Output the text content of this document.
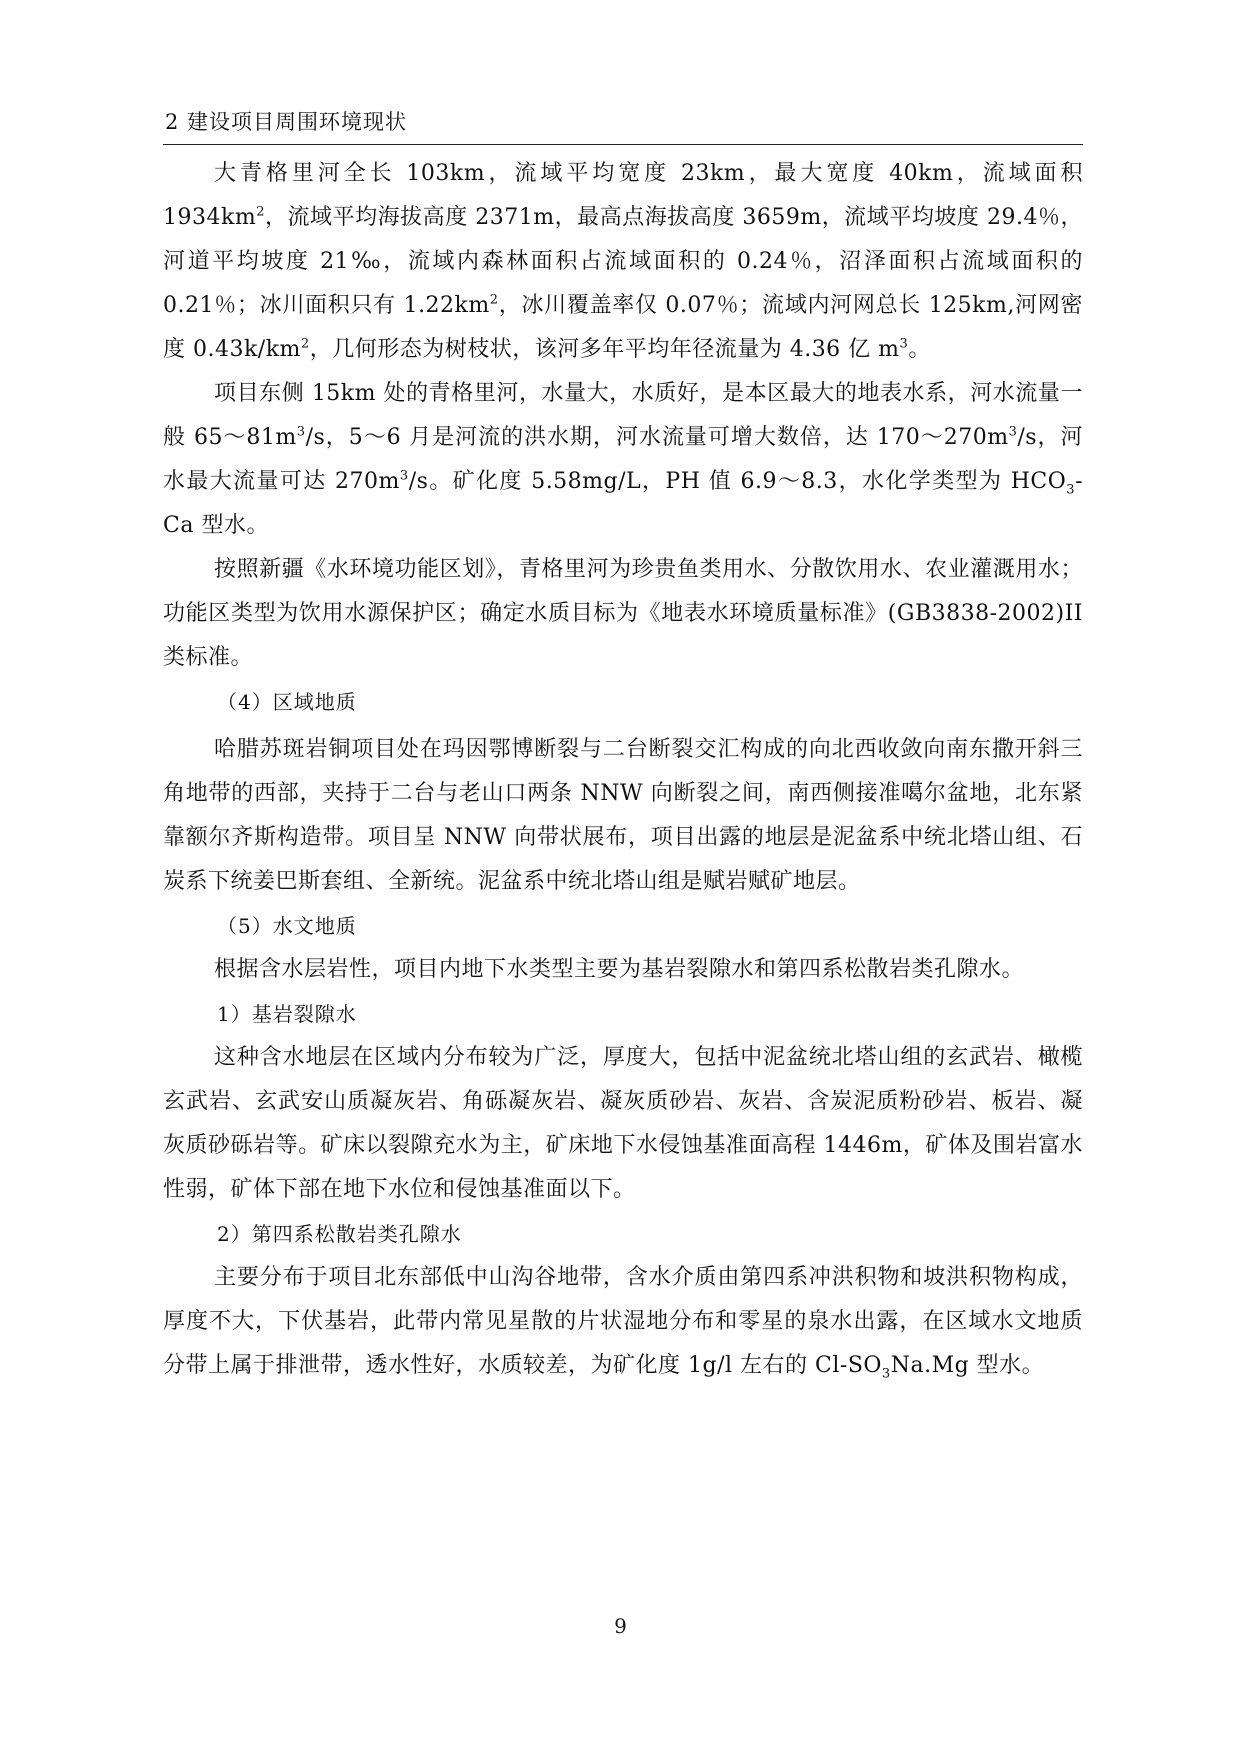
2 建设项目周围环境现状

大青格里河全长 103km，流域平均宽度 23km，最大宽度 40km，流域面积 $1934km^2$，流域平均海拔高度 2371m，最高点海拔高度 3659m，流域平均坡度 29.4％，河道平均坡度 21‰，流域内森林面积占流域面积的 0.24％，沼泽面积占流域面积的 0.21％；冰川面积只有 $1.22km^2$，冰川覆盖率仅 0.07％；流域内河网总长 125km,河网密度 $0.43k/km^2$，几何形态为树枝状，该河多年平均年径流量为 4.36 亿 $m^3$。

项目东侧 15km 处的青格里河，水量大，水质好，是本区最大的地表水系，河水流量一般 $65\sim 81m^3/s$，5～6 月是河流的洪水期，河水流量可增大数倍，达 $170\sim 270m^3/s$，河水最大流量可达 $270m^3/s$。矿化度 5.58mg/L，PH 值 6.9～8.3，水化学类型为 $HCO_3-Ca$ 型水。

按照新疆《水环境功能区划》，青格里河为珍贵鱼类用水、分散饮用水、农业灌溉用水；功能区类型为饮用水源保护区；确定水质目标为《地表水环境质量标准》(GB3838-2002)II 类标准。

（4）区域地质

哈腊苏斑岩铜项目处在玛因鄂博断裂与二台断裂交汇构成的向北西收敛向南东撒开斜三角地带的西部，夹持于二台与老山口两条 NNW 向断裂之间，南西侧接准噶尔盆地，北东紧靠额尔齐斯构造带。项目呈 NNW 向带状展布，项目出露的地层是泥盆系中统北塔山组、石炭系下统姜巴斯套组、全新统。泥盆系中统北塔山组是赋岩赋矿地层。

（5）水文地质

根据含水层岩性，项目内地下水类型主要为基岩裂隙水和第四系松散岩类孔隙水。

1）基岩裂隙水

这种含水地层在区域内分布较为广泛，厚度大，包括中泥盆统北塔山组的玄武岩、橄榄玄武岩、玄武安山质凝灰岩、角砾凝灰岩、凝灰质砂岩、灰岩、含炭泥质粉砂岩、板岩、凝灰质砂砾岩等。矿床以裂隙充水为主，矿床地下水侵蚀基准面高程 1446m，矿体及围岩富水性弱，矿体下部在地下水位和侵蚀基准面以下。

2）第四系松散岩类孔隙水

主要分布于项目北东部低中山沟谷地带，含水介质由第四系冲洪积物和坡洪积物构成，厚度不大，下伏基岩，此带内常见星散的片状湿地分布和零星的泉水出露，在区域水文地质分带上属于排泄带，透水性好，水质较差，为矿化度 1g/l 左右的 $Cl-SO_3Na.Mg$ 型水。

9
